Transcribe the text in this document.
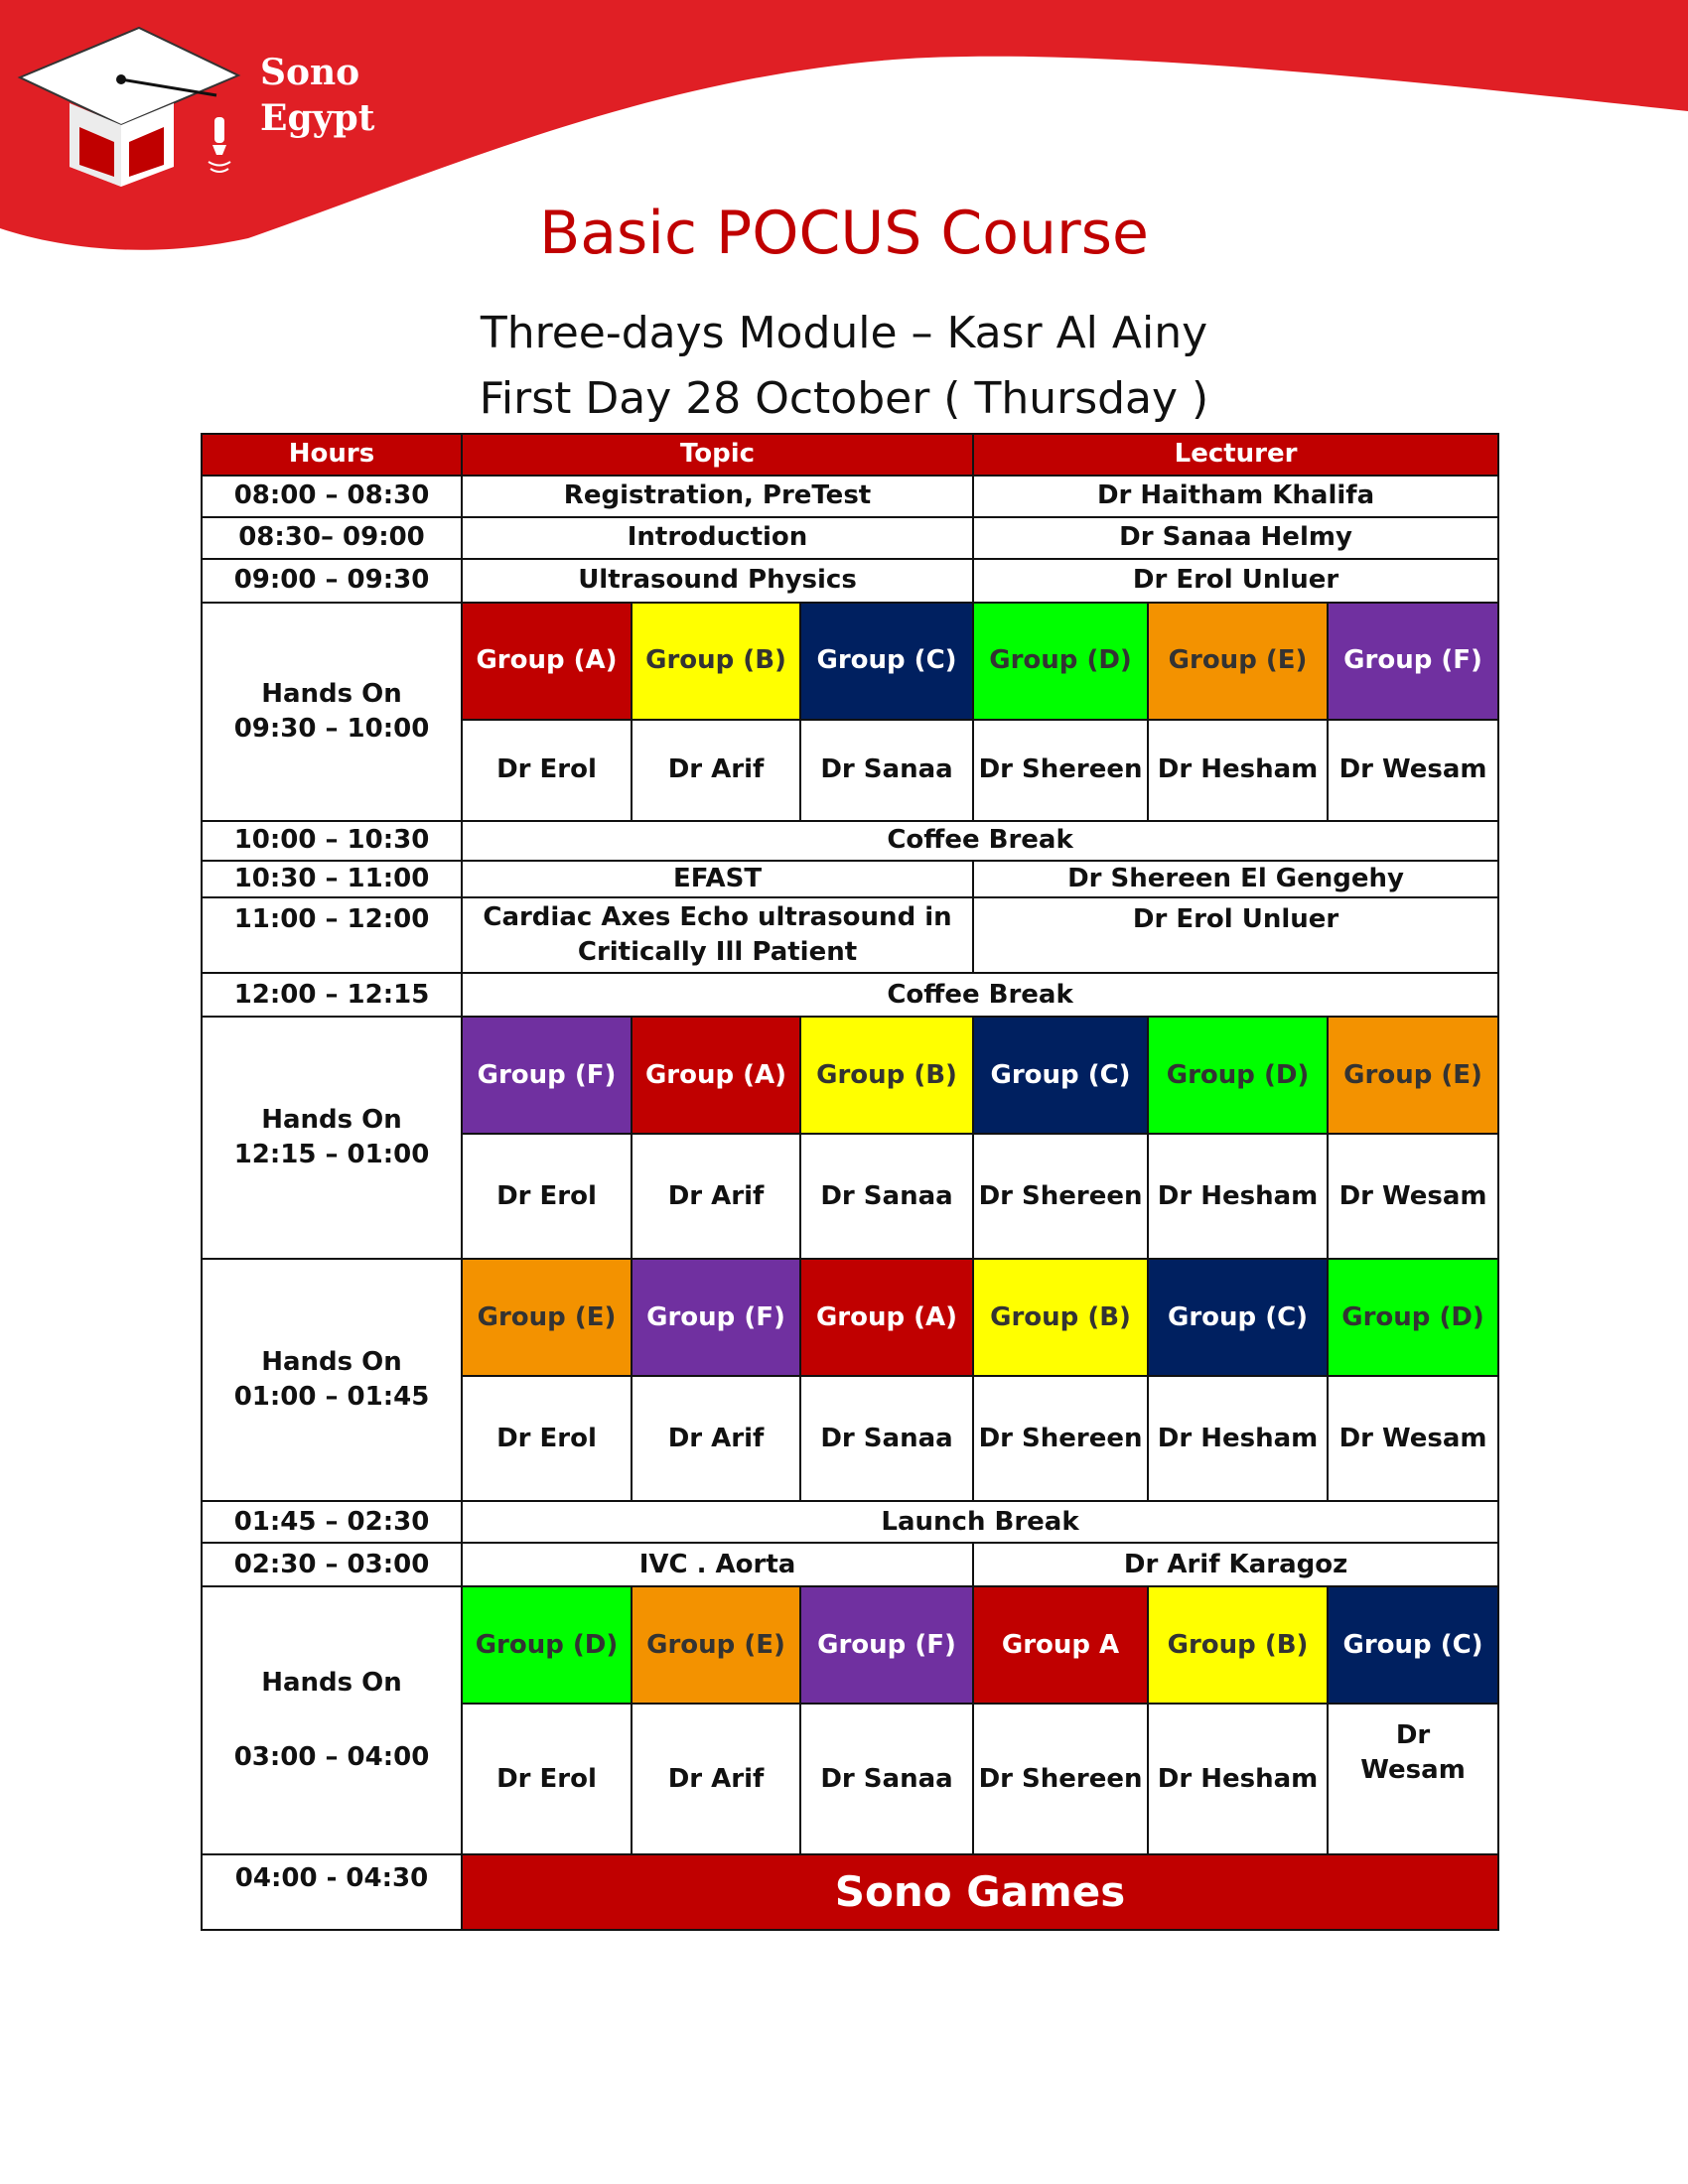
Sono
Egypt
Basic POCUS Course
Three-days Module – Kasr Al Ainy
First Day 28 October ( Thursday )
Hours	Topic			Lecturer		
08:00 – 08:30	Registration, PreTest			Dr Haitham Khalifa		
08:30– 09:00	Introduction			Dr Sanaa Helmy		
09:00 – 09:30	Ultrasound Physics			Dr Erol Unluer		

Hands On
09:30 – 10:00	Group (A)	Group (B)	Group (C)	Group (D)	Group (E)	Group (F)
	Dr Erol	Dr Arif	Dr Sanaa	Dr Shereen	Dr Hesham	Dr Wesam
10:00 – 10:30	Coffee Break					
10:30 – 11:00	EFAST			Dr Shereen El Gengehy		
11:00 – 12:00	Cardiac Axes Echo ultrasound in Critically Ill Patient			Dr Erol Unluer		
12:00 – 12:15	Coffee Break					

Hands On
12:15 – 01:00	Group (F)	Group (A)	Group (B)	Group (C)	Group (D)	Group (E)
	Dr Erol	Dr Arif	Dr Sanaa	Dr Shereen	Dr Hesham	Dr Wesam

Hands On
01:00 – 01:45	Group (E)	Group (F)	Group (A)	Group (B)	Group (C)	Group (D)
	Dr Erol	Dr Arif	Dr Sanaa	Dr Shereen	Dr Hesham	Dr Wesam
01:45 – 02:30	Launch Break					
02:30 – 03:00	IVC . Aorta			Dr Arif Karagoz		

Hands On
03:00 – 04:00	Group (D)	Group (E)	Group (F)	Group A	Group (B)	Group (C)
	Dr Erol	Dr Arif	Dr Sanaa	Dr Shereen	Dr Hesham	Dr Wesam
04:00 - 04:30	Sono Games					
